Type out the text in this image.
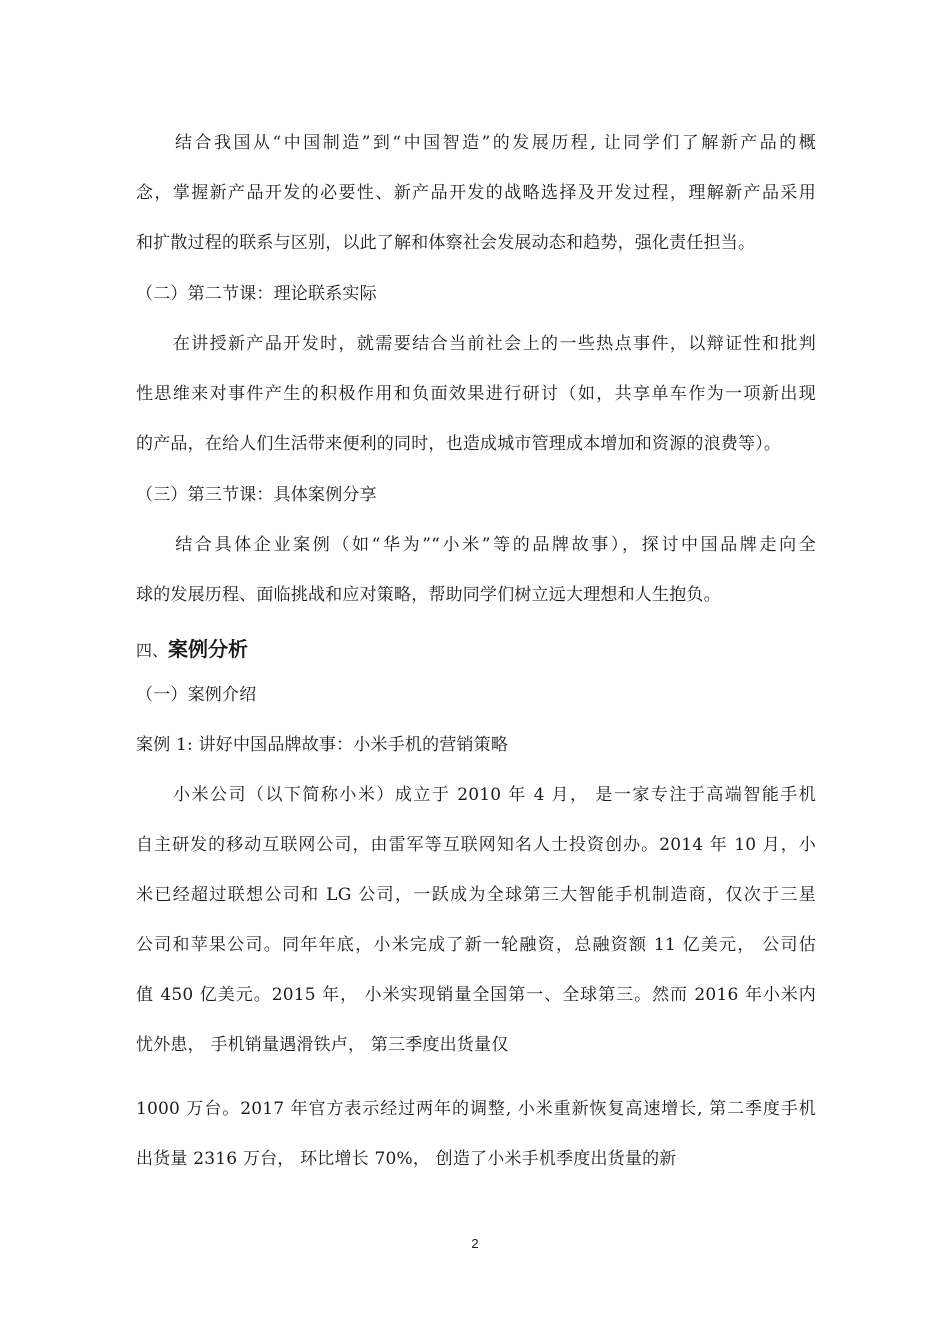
　　结合我国从“中国制造”到“中国智造”的发展历程, 让同学们了解新产品的概
念，掌握新产品开发的必要性、新产品开发的战略选择及开发过程，理解新产品采用
和扩散过程的联系与区别，以此了解和体察社会发展动态和趋势，强化责任担当。
（二）第二节课：理论联系实际
　　在讲授新产品开发时，就需要结合当前社会上的一些热点事件，以辩证性和批判
性思维来对事件产生的积极作用和负面效果进行研讨（如，共享单车作为一项新出现
的产品，在给人们生活带来便利的同时，也造成城市管理成本增加和资源的浪费等）。
（三）第三节课：具体案例分享
　　结合具体企业案例（如“华为”“小米”等的品牌故事），探讨中国品牌走向全
球的发展历程、面临挑战和应对策略，帮助同学们树立远大理想和人生抱负。
四、案例分析
（一）案例介绍
案例 1: 讲好中国品牌故事：小米手机的营销策略
　　小米公司（以下简称小米）成立于 2010 年 4 月， 是一家专注于高端智能手机
自主研发的移动互联网公司，由雷军等互联网知名人士投资创办。2014 年 10 月，小
米已经超过联想公司和 LG 公司，一跃成为全球第三大智能手机制造商，仅次于三星
公司和苹果公司。同年年底，小米完成了新一轮融资，总融资额 11 亿美元， 公司估
值 450 亿美元。2015 年， 小米实现销量全国第一、全球第三。然而 2016 年小米内
忧外患， 手机销量遇滑铁卢， 第三季度出货量仅
1000 万台。2017 年官方表示经过两年的调整, 小米重新恢复高速增长, 第二季度手机
出货量 2316 万台， 环比增长 70%， 创造了小米手机季度出货量的新
2
